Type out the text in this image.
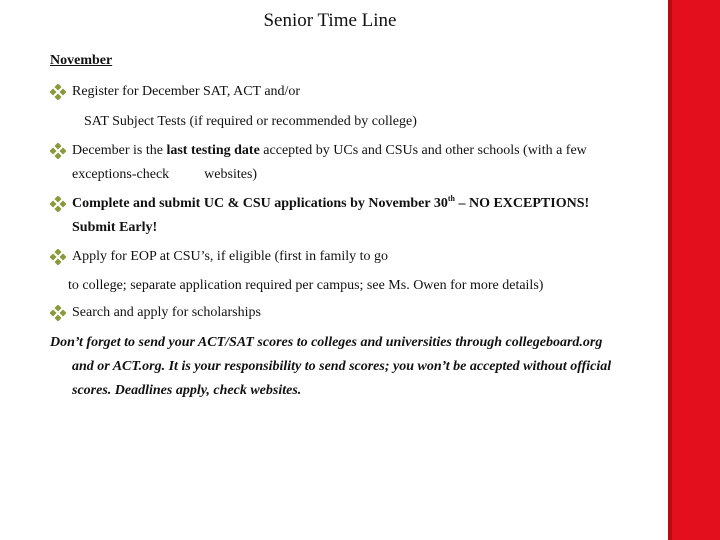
Senior Time Line
November
Register for December SAT, ACT and/or
SAT Subject Tests (if required or recommended by college)
December is the last testing date accepted by UCs and CSUs and other schools (with a few
exceptions-check          websites)
Complete and submit UC & CSU applications by November 30th – NO EXCEPTIONS!
Submit Early!
Apply for EOP at CSU’s, if eligible (first in family to go
to college; separate application required per campus; see Ms. Owen for more details)
Search and apply for scholarships
Don’t forget to send your ACT/SAT scores to colleges and universities through collegeboard.org
and or ACT.org. It is your responsibility to send scores; you won’t be accepted without official
scores. Deadlines apply, check websites.
